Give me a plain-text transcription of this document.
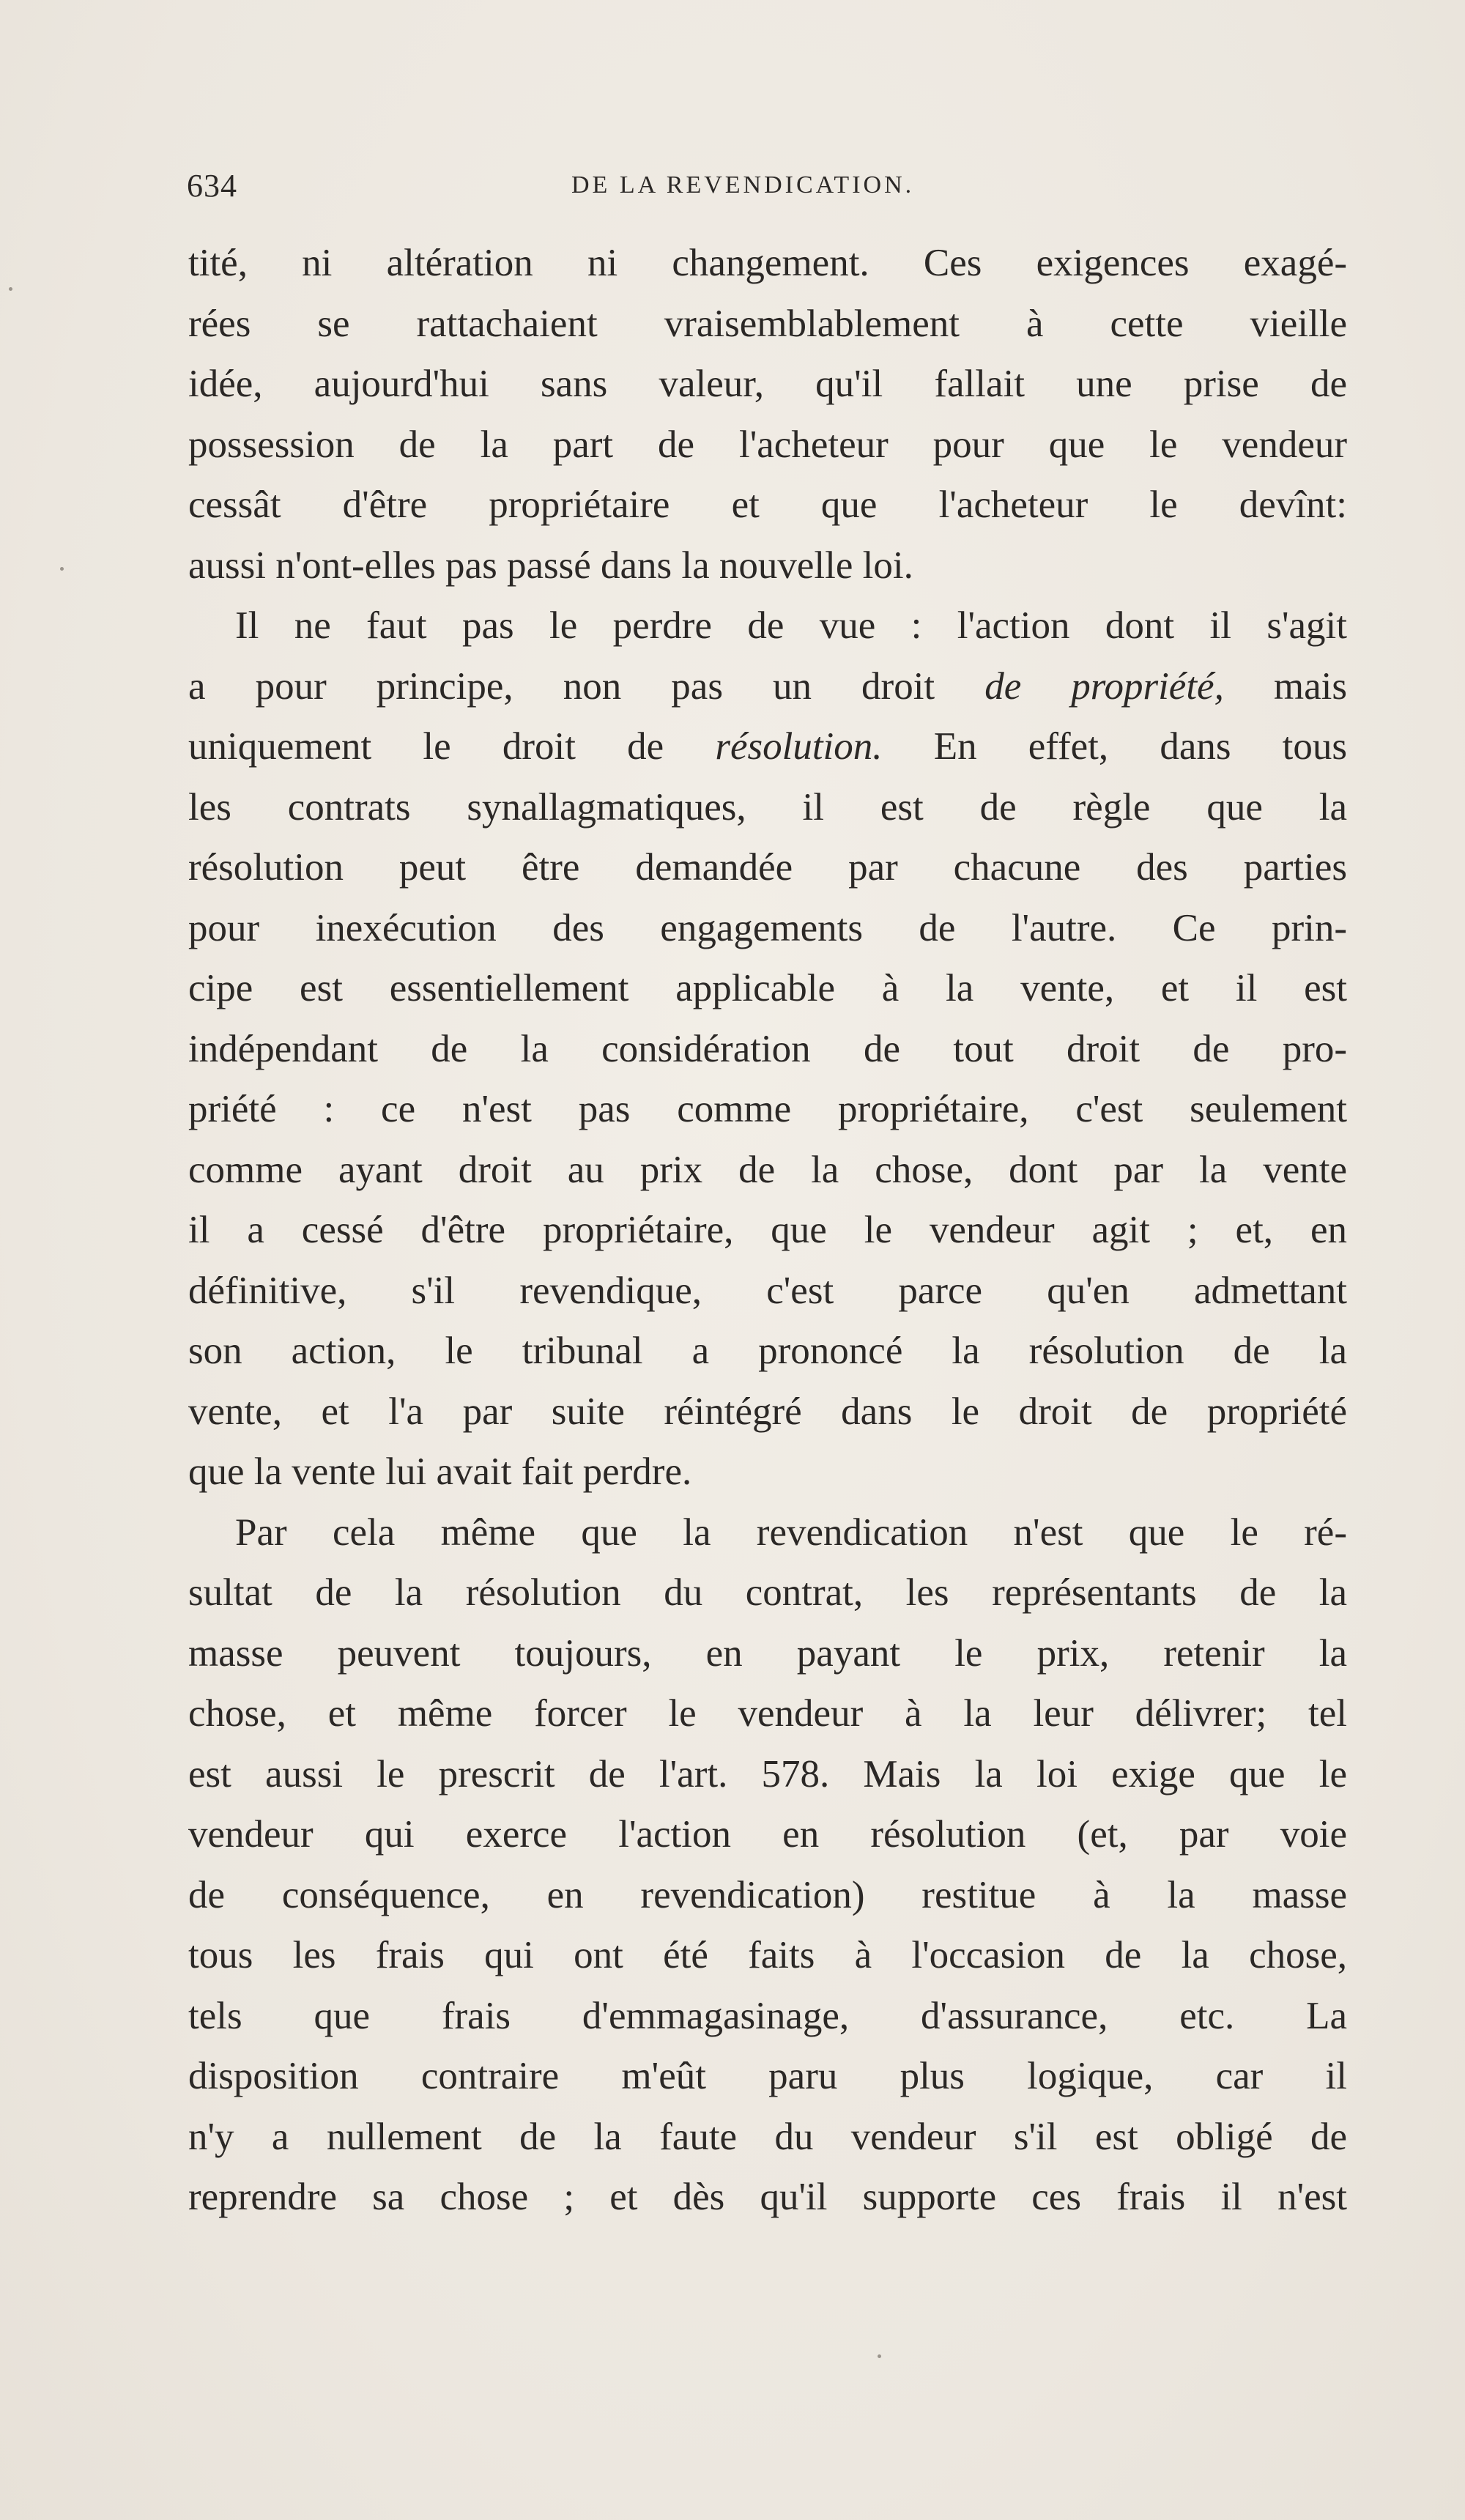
634	DE LA REVENDICATION.
tité, ni altération ni changement. Ces exigences exagé-
rées se rattachaient vraisemblablement à cette vieille
idée, aujourd'hui sans valeur, qu'il fallait une prise de
possession de la part de l'acheteur pour que le vendeur
cessât d'être propriétaire et que l'acheteur le devînt:
aussi n'ont-elles pas passé dans la nouvelle loi.
Il ne faut pas le perdre de vue : l'action dont il s'agit
a pour principe, non pas un droit de propriété, mais
uniquement le droit de résolution. En effet, dans tous
les contrats synallagmatiques, il est de règle que la
résolution peut être demandée par chacune des parties
pour inexécution des engagements de l'autre. Ce prin-
cipe est essentiellement applicable à la vente, et il est
indépendant de la considération de tout droit de pro-
priété : ce n'est pas comme propriétaire, c'est seulement
comme ayant droit au prix de la chose, dont par la vente
il a cessé d'être propriétaire, que le vendeur agit ; et, en
définitive, s'il revendique, c'est parce qu'en admettant
son action, le tribunal a prononcé la résolution de la
vente, et l'a par suite réintégré dans le droit de propriété
que la vente lui avait fait perdre.
Par cela même que la revendication n'est que le ré-
sultat de la résolution du contrat, les représentants de la
masse peuvent toujours, en payant le prix, retenir la
chose, et même forcer le vendeur à la leur délivrer; tel
est aussi le prescrit de l'art. 578. Mais la loi exige que le
vendeur qui exerce l'action en résolution (et, par voie
de conséquence, en revendication) restitue à la masse
tous les frais qui ont été faits à l'occasion de la chose,
tels que frais d'emmagasinage, d'assurance, etc. La
disposition contraire m'eût paru plus logique, car il
n'y a nullement de la faute du vendeur s'il est obligé de
reprendre sa chose ; et dès qu'il supporte ces frais il n'est
